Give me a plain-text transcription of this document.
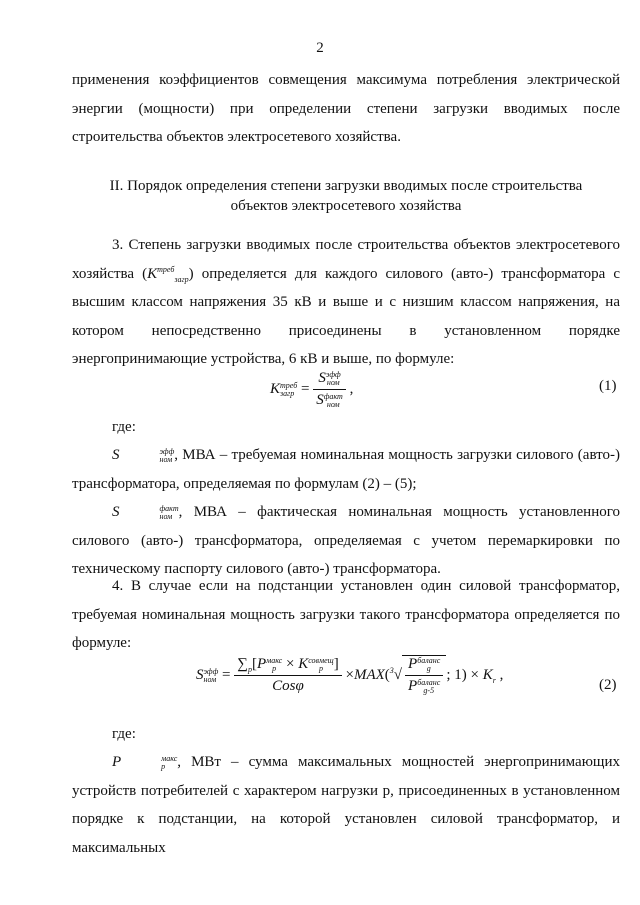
2
применения коэффициентов совмещения максимума потребления электрической энергии (мощности) при определении степени загрузки вводимых после строительства объектов электросетевого хозяйства.
II. Порядок определения степени загрузки вводимых после строительства
объектов электросетевого хозяйства
3. Степень загрузки вводимых после строительства объектов электросетевого хозяйства $(K^{треб}_{загр})$ определяется для каждого силового (авто-) трансформатора с высшим классом напряжения 35 кВ и выше и с низшим классом напряжения, на котором непосредственно присоединены в установленном порядке энергопринимающие устройства, 6 кВ и выше, по формуле:
K треб
загр = S эфф
ном
S факт
ном ,	(1)
где:
S	эфф
ном , МВА – требуемая номинальная мощность загрузки силового (авто-) трансформатора, определяемая по формулам (2) – (5);
S	факт
ном , МВА – фактическая номинальная мощность установленного силового (авто-) трансформатора, определяемая с учетом перемаркировки по техническому паспорту силового (авто-) трансформатора.
4. В случае если на подстанции установлен один силовой трансформатор, требуемая номинальная мощность загрузки такого трансформатора определяется по формуле:
S эфф
ном = $\sum_p[P$ макс
p × K совмещ
p ]
Cosφ ×MAX($^3$√ P баланс
g
P баланс
g-5 ; $1) \times K_r$ ,
(2)
где:
P	макс
р , МВт – сумма максимальных мощностей энергопринимающих устройств потребителей с характером нагрузки р, присоединенных в установленном порядке к подстанции, на которой установлен силовой трансформатор, и максимальных
